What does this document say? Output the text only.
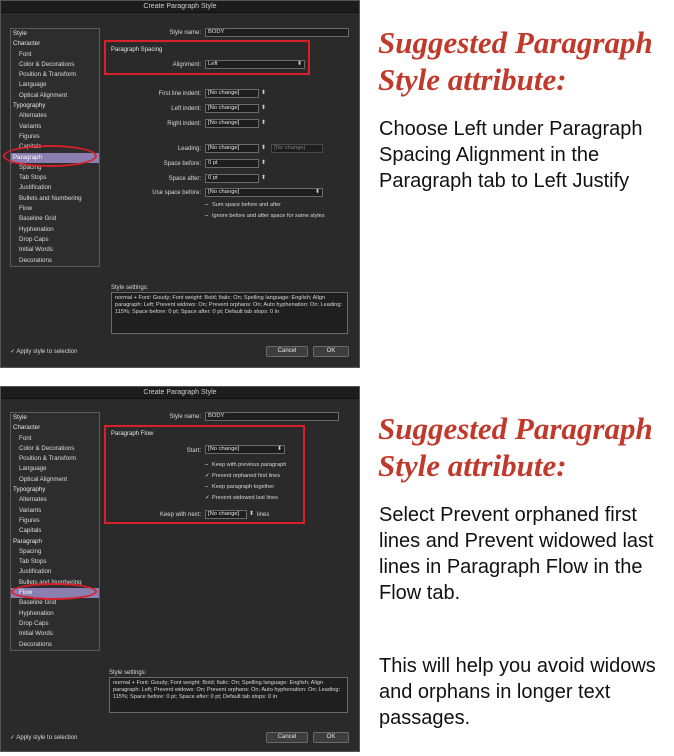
Create Paragraph Style
Style name:	BODY
Style
Character
Font
Color & Decorations
Position & Transform
Language
Optical Alignment
Typography
Alternates
Variants
Figures
Capitals
Paragraph
Spacing
Tab Stops
Justification
Bullets and Numbering
Flow
Baseline Grid
Hyphenation
Drop Caps
Initial Words
Decorations
Paragraph Spacing
Alignment:	Left	⬍
First line indent:	[No change]	⬍
Left indent:	[No change]	⬍
Right indent:	[No change]	⬍
Leading:	[No change]	⬍	[No change]
Space before:	0 pt	⬍
Space after:	0 pt	⬍
Use space before:	[No change]	⬍
– Sum space before and after
– Ignore before and after space for same styles
Style settings:
normal + Font: Goudy; Font weight: Bold; Italic: On; Spelling language: English; Align paragraph: Left; Prevent widows: On; Prevent orphans: On; Auto hyphenation: On; Leading: 115%; Space before: 0 pt; Space after: 0 pt; Default tab stops: 0 in
✓ Apply style to selection	Cancel	OK
Create Paragraph Style
Style name:	BODY
Style
Character
Font
Color & Decorations
Position & Transform
Language
Optical Alignment
Typography
Alternates
Variants
Figures
Capitals
Paragraph
Spacing
Tab Stops
Justification
Bullets and Numbering
Flow
Baseline Grid
Hyphenation
Drop Caps
Initial Words
Decorations
Paragraph Flow
Start:	[No change]	⬍
– Keep with previous paragraph
✓ Prevent orphaned first lines
– Keep paragraph together
✓ Prevent widowed last lines
Keep with next:	[No change]	⬍ lines
Style settings:
normal + Font: Goudy; Font weight: Bold; Italic: On; Spelling language: English; Align paragraph: Left; Prevent widows: On; Prevent orphans: On; Auto hyphenation: On; Leading: 115%; Space before: 0 pt; Space after: 0 pt; Default tab stops: 0 in
✓ Apply style to selection	Cancel	OK
Suggested Paragraph Style attribute:
Choose Left under Paragraph Spacing Alignment in the Paragraph tab to Left Justify
Suggested Paragraph Style attribute:
Select Prevent orphaned first lines and Prevent widowed last lines in Paragraph Flow in the Flow tab.
This will help you avoid widows and orphans in longer text passages.
